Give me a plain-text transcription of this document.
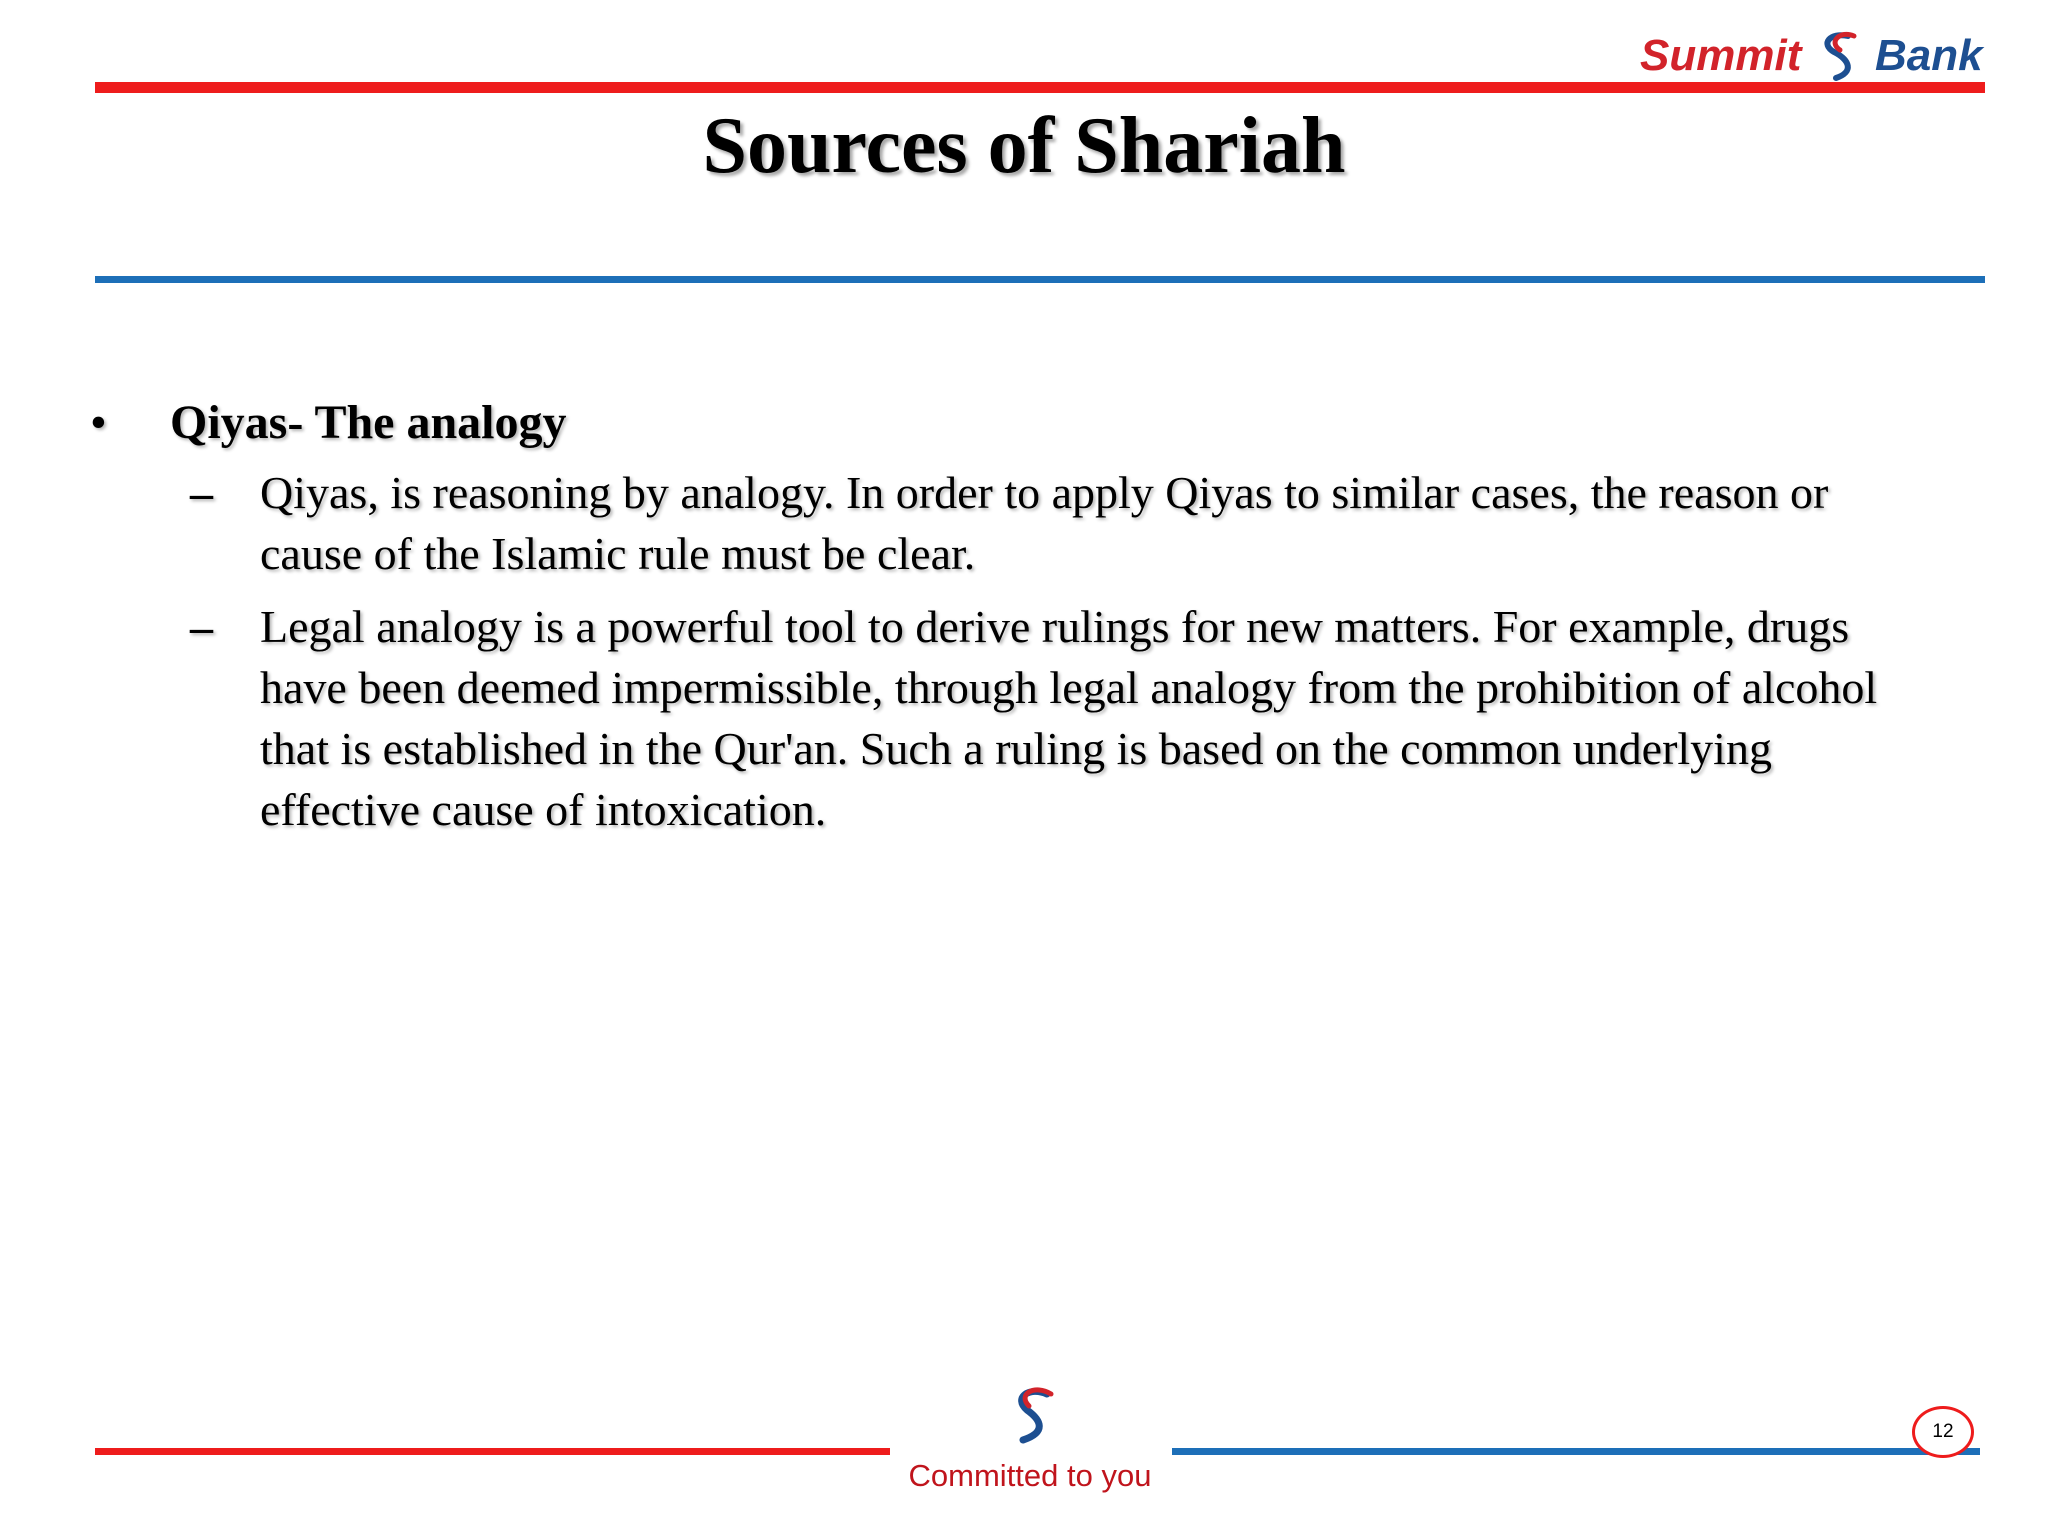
Summit Bank
Sources of Shariah
•	Qiyas- The analogy
–	Qiyas, is reasoning by analogy. In order to apply Qiyas to similar cases, the reason or cause of the Islamic rule must be clear.
–	Legal analogy is a powerful tool to derive rulings for new matters. For example, drugs have been deemed impermissible, through legal analogy from the prohibition of alcohol that is established in the Qur'an. Such a ruling is based on the common underlying effective cause of intoxication.
Committed to you
12
